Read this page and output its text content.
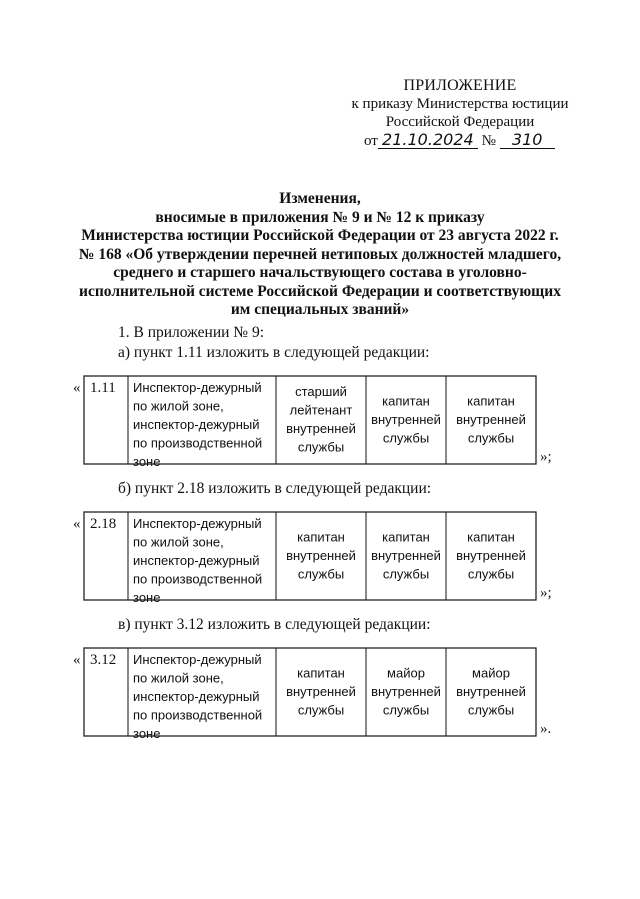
ПРИЛОЖЕНИЕ
к приказу Министерства юстиции
Российской Федерации
от 21.10.2024 № 310
Изменения,
вносимые в приложения № 9 и № 12 к приказу
Министерства юстиции Российской Федерации от 23 августа 2022 г.
№ 168 «Об утверждении перечней нетиповых должностей младшего,
среднего и старшего начальствующего состава в уголовно-
исполнительной системе Российской Федерации и соответствующих
им специальных званий»
1. В приложении № 9:
а) пункт 1.11 изложить в следующей редакции:
«
»;
1.11 Инспектор-дежурный
по жилой зоне,
инспектор-дежурный
по производственной
зоне
старший
лейтенант
внутренней
службы
капитан
внутренней
службы
капитан
внутренней
службы
б) пункт 2.18 изложить в следующей редакции:
«
»;
2.18 Инспектор-дежурный
по жилой зоне,
инспектор-дежурный
по производственной
зоне
капитан
внутренней
службы
капитан
внутренней
службы
капитан
внутренней
службы
в) пункт 3.12 изложить в следующей редакции:
«
».
3.12 Инспектор-дежурный
по жилой зоне,
инспектор-дежурный
по производственной
зоне
капитан
внутренней
службы
майор
внутренней
службы
майор
внутренней
службы
